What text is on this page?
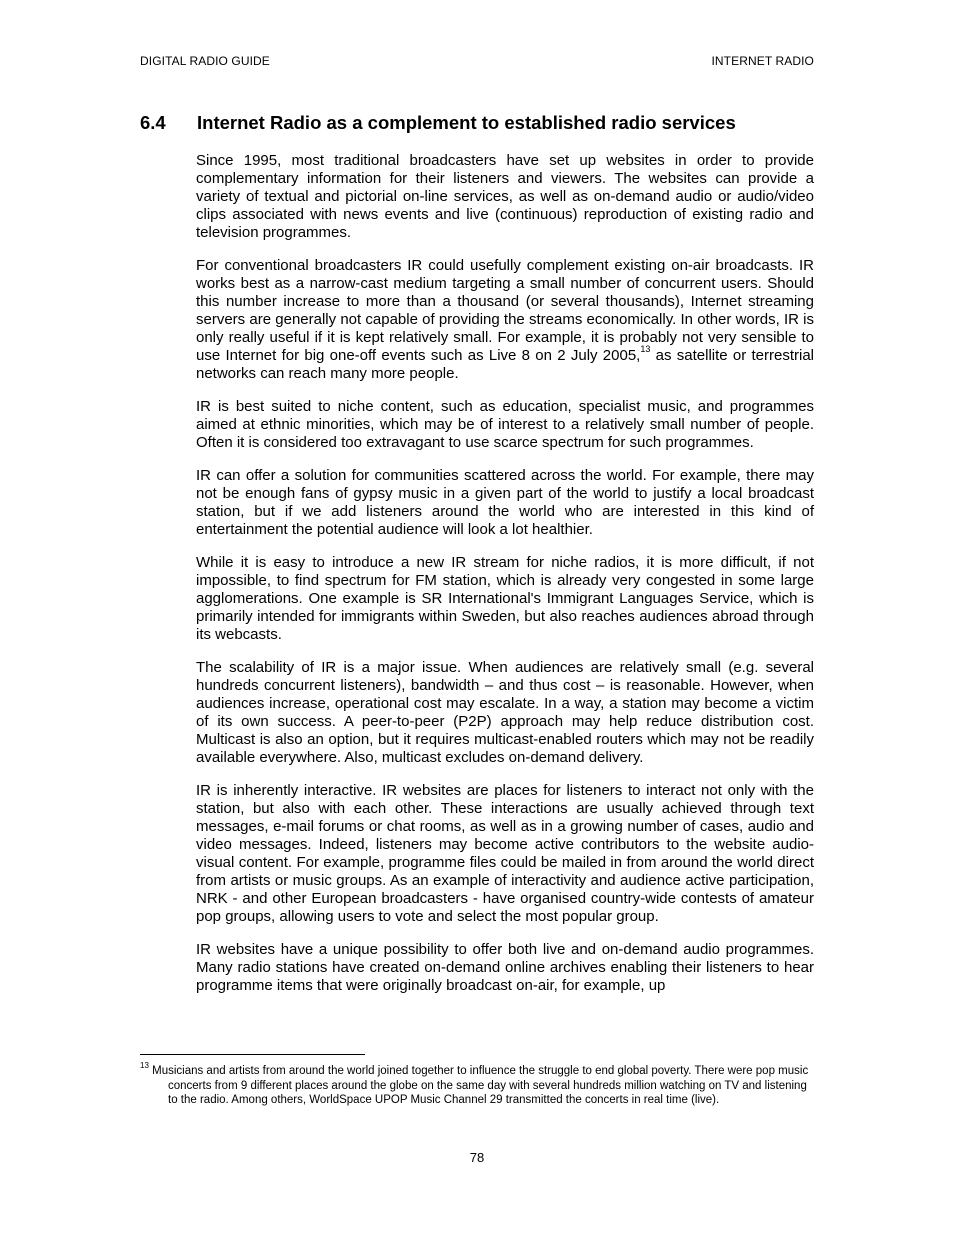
DIGITAL RADIO GUIDE	INTERNET RADIO
6.4	Internet Radio as a complement to established radio services

Since 1995, most traditional broadcasters have set up websites in order to provide complementary information for their listeners and viewers. The websites can provide a variety of textual and pictorial on-line services, as well as on-demand audio or audio/video clips associated with news events and live (continuous) reproduction of existing radio and television programmes.

For conventional broadcasters IR could usefully complement existing on-air broadcasts. IR works best as a narrow-cast medium targeting a small number of concurrent users. Should this number increase to more than a thousand (or several thousands), Internet streaming servers are generally not capable of providing the streams economically. In other words, IR is only really useful if it is kept relatively small. For example, it is probably not very sensible to use Internet for big one-off events such as Live 8 on 2 July 2005,13 as satellite or terrestrial networks can reach many more people.

IR is best suited to niche content, such as education, specialist music, and programmes aimed at ethnic minorities, which may be of interest to a relatively small number of people. Often it is considered too extravagant to use scarce spectrum for such programmes.

IR can offer a solution for communities scattered across the world. For example, there may not be enough fans of gypsy music in a given part of the world to justify a local broadcast station, but if we add listeners around the world who are interested in this kind of entertainment the potential audience will look a lot healthier.

While it is easy to introduce a new IR stream for niche radios, it is more difficult, if not impossible, to find spectrum for FM station, which is already very congested in some large agglomerations. One example is SR International's Immigrant Languages Service, which is primarily intended for immigrants within Sweden, but also reaches audiences abroad through its webcasts.

The scalability of IR is a major issue. When audiences are relatively small (e.g. several hundreds concurrent listeners), bandwidth – and thus cost – is reasonable. However, when audiences increase, operational cost may escalate. In a way, a station may become a victim of its own success. A peer-to-peer (P2P) approach may help reduce distribution cost. Multicast is also an option, but it requires multicast-enabled routers which may not be readily available everywhere. Also, multicast excludes on-demand delivery.

IR is inherently interactive. IR websites are places for listeners to interact not only with the station, but also with each other. These interactions are usually achieved through text messages, e-mail forums or chat rooms, as well as in a growing number of cases, audio and video messages. Indeed, listeners may become active contributors to the website audio-visual content. For example, programme files could be mailed in from around the world direct from artists or music groups. As an example of interactivity and audience active participation, NRK - and other European broadcasters - have organised country-wide contests of amateur pop groups, allowing users to vote and select the most popular group.

IR websites have a unique possibility to offer both live and on-demand audio programmes. Many radio stations have created on-demand online archives enabling their listeners to hear programme items that were originally broadcast on-air, for example, up

$^{13}$ Musicians and artists from around the world joined together to influence the struggle to end global poverty. There were pop music concerts from 9 different places around the globe on the same day with several hundreds million watching on TV and listening to the radio. Among others, WorldSpace UPOP Music Channel 29 transmitted the concerts in real time (live).
78
